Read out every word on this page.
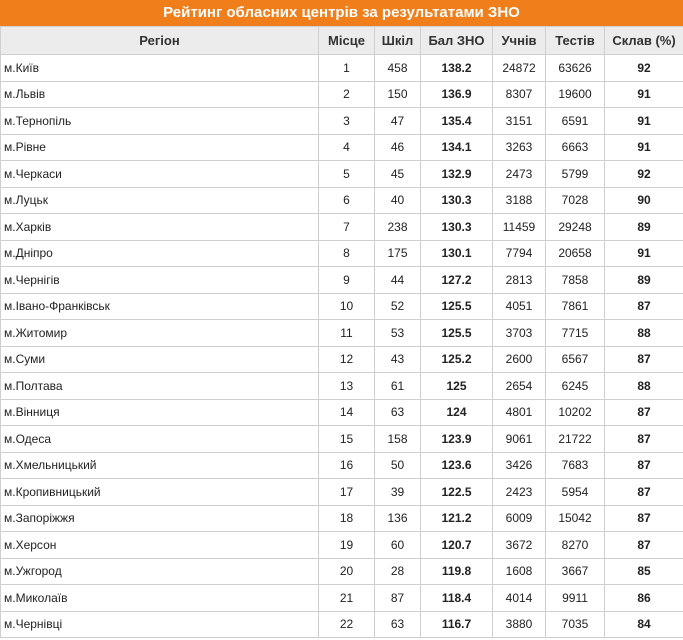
Рейтинг обласних центрів за результатами ЗНО
Регіон	Місце	Шкіл	Бал ЗНО	Учнів	Тестів	Склав (%)
м.Київ	1	458	138.2	24872	63626	92
м.Львів	2	150	136.9	8307	19600	91
м.Тернопіль	3	47	135.4	3151	6591	91
м.Рівне	4	46	134.1	3263	6663	91
м.Черкаси	5	45	132.9	2473	5799	92
м.Луцьк	6	40	130.3	3188	7028	90
м.Харків	7	238	130.3	11459	29248	89
м.Дніпро	8	175	130.1	7794	20658	91
м.Чернігів	9	44	127.2	2813	7858	89
м.Івано-Франківськ	10	52	125.5	4051	7861	87
м.Житомир	11	53	125.5	3703	7715	88
м.Суми	12	43	125.2	2600	6567	87
м.Полтава	13	61	125	2654	6245	88
м.Вінниця	14	63	124	4801	10202	87
м.Одеса	15	158	123.9	9061	21722	87
м.Хмельницький	16	50	123.6	3426	7683	87
м.Кропивницький	17	39	122.5	2423	5954	87
м.Запоріжжя	18	136	121.2	6009	15042	87
м.Херсон	19	60	120.7	3672	8270	87
м.Ужгород	20	28	119.8	1608	3667	85
м.Миколаїв	21	87	118.4	4014	9911	86
м.Чернівці	22	63	116.7	3880	7035	84
